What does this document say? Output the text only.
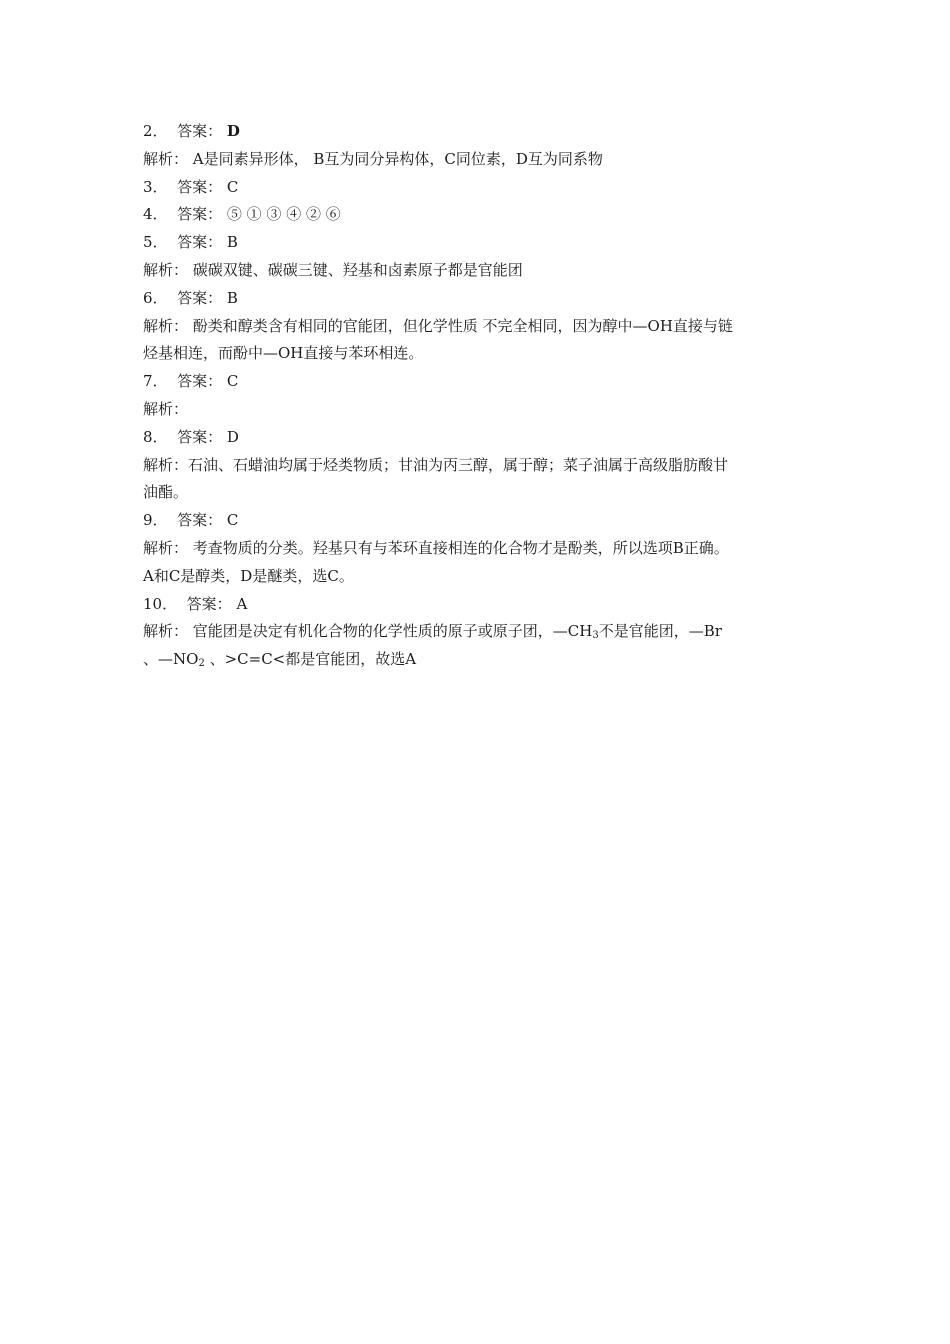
2． 答案： D
解析： A是同素异形体， B互为同分异构体，C同位素，D互为同系物
3． 答案： C
4． 答案： ⑤ ① ③ ④ ② ⑥
5． 答案： B
解析： 碳碳双键、碳碳三键、羟基和卤素原子都是官能团
6． 答案： B
解析： 酚类和醇类含有相同的官能团，但化学性质 不完全相同，因为醇中—OH直接与链
烃基相连，而酚中—OH直接与苯环相连。
7． 答案： C
解析：
8． 答案： D
解析：石油、石蜡油均属于烃类物质；甘油为丙三醇，属于醇；菜子油属于高级脂肪酸甘
油酯。
9． 答案： C
解析： 考查物质的分类。羟基只有与苯环直接相连的化合物才是酚类，所以选项B正确。
A和C是醇类，D是醚类，选C。
10． 答案： A
解析： 官能团是决定有机化合物的化学性质的原子或原子团，$—CH_3$不是官能团，—Br
、$—NO_2$ 、>C=C<都是官能团，故选A
